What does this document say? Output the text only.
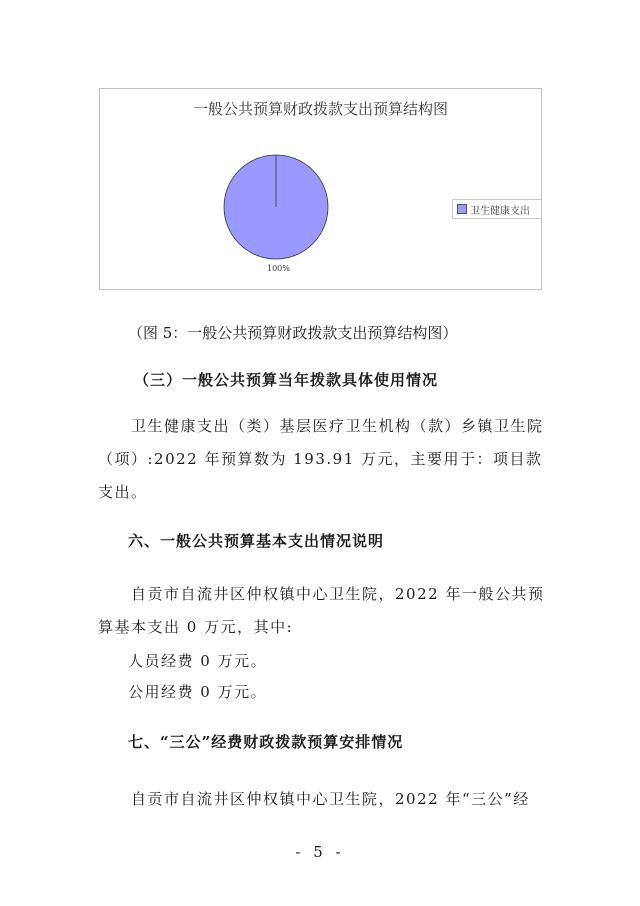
一般公共预算财政拨款支出预算结构图
卫生健康支出
100%
（图 5：一般公共预算财政拨款支出预算结构图）
（三）一般公共预算当年拨款具体使用情况
卫生健康支出（类）基层医疗卫生机构（款）乡镇卫生院（项）:2022 年预算数为 193.91 万元，主要用于：项目款支出。
六、一般公共预算基本支出情况说明
自贡市自流井区仲权镇中心卫生院，2022 年一般公共预算基本支出 0 万元，其中:
人员经费 0 万元。
公用经费 0 万元。
七、“三公”经费财政拨款预算安排情况
自贡市自流井区仲权镇中心卫生院，2022 年“三公”经
- 5 -
